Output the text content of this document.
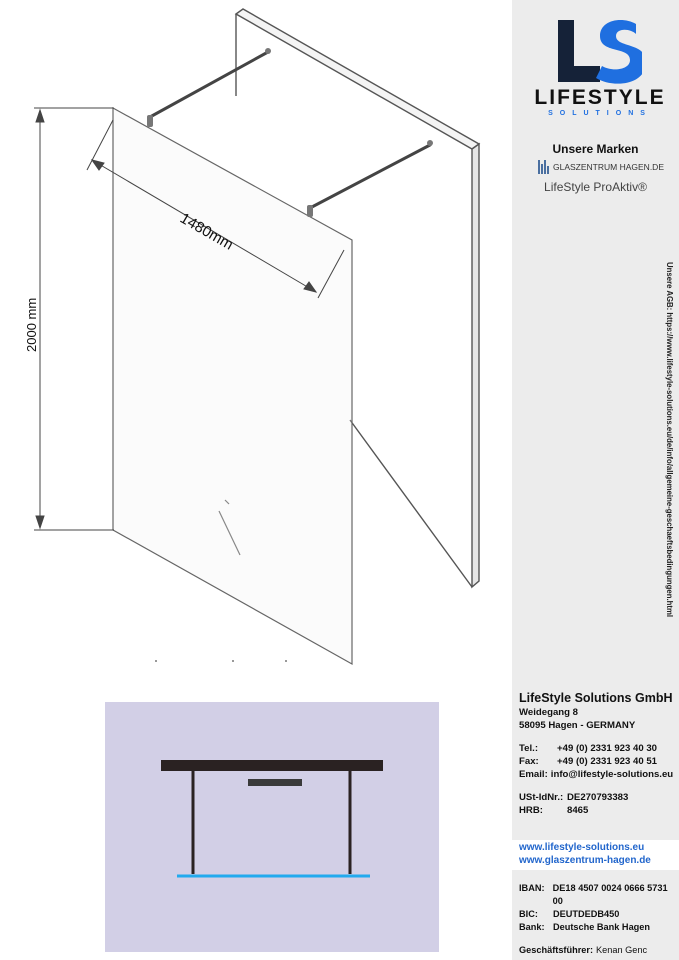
1480mm
2000 mm
LIFESTYLE
SOLUTIONS
Unsere Marken
GLASZENTRUM HAGEN.DE
LifeStyle ProAktiv®
Unsere AGB: https://www.lifestyle-solutions.eu/de/info/allgemeine-geschaeftsbedingungen.html
LifeStyle Solutions GmbH
Weidegang 8
58095 Hagen - GERMANY
Tel.:	+49 (0) 2331 923 40 30
Fax:	+49 (0) 2331 923 40 51
Email: info@lifestyle-solutions.eu
USt-IdNr.: DE270793383
HRB:	8465
www.lifestyle-solutions.eu
www.glaszentrum-hagen.de
IBAN: DE18 4507 0024 0666 5731 00
BIC:	DEUTDEDB450
Bank: Deutsche Bank Hagen
Geschäftsführer: Kenan Genc
